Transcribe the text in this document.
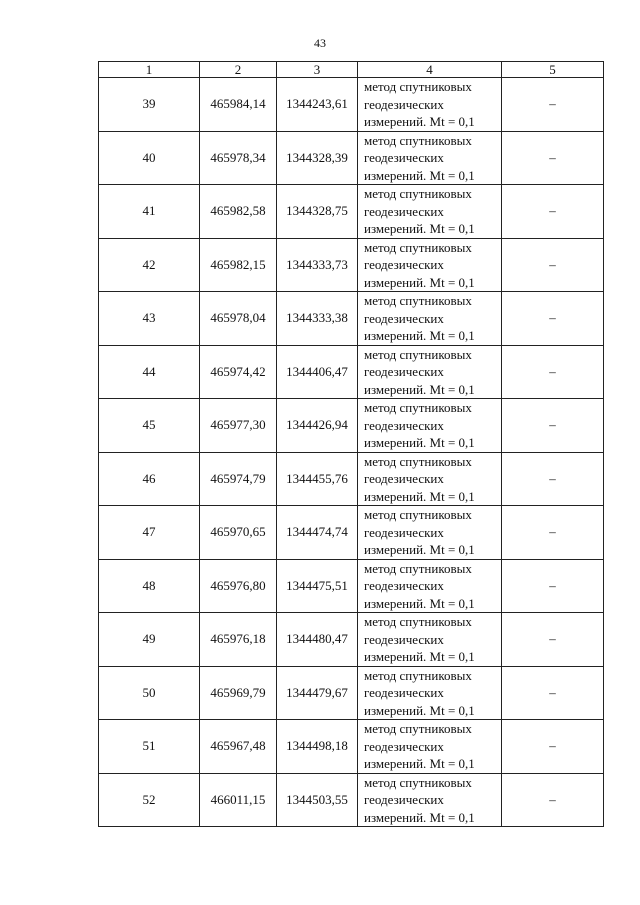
43
1	2	3	4	5
39	465984,14	1344243,61	метод спутниковых
геодезических
измерений. Mt = 0,1	–
40	465978,34	1344328,39	метод спутниковых
геодезических
измерений. Mt = 0,1	–
41	465982,58	1344328,75	метод спутниковых
геодезических
измерений. Mt = 0,1	–
42	465982,15	1344333,73	метод спутниковых
геодезических
измерений. Mt = 0,1	–
43	465978,04	1344333,38	метод спутниковых
геодезических
измерений. Mt = 0,1	–
44	465974,42	1344406,47	метод спутниковых
геодезических
измерений. Mt = 0,1	–
45	465977,30	1344426,94	метод спутниковых
геодезических
измерений. Mt = 0,1	–
46	465974,79	1344455,76	метод спутниковых
геодезических
измерений. Mt = 0,1	–
47	465970,65	1344474,74	метод спутниковых
геодезических
измерений. Mt = 0,1	–
48	465976,80	1344475,51	метод спутниковых
геодезических
измерений. Mt = 0,1	–
49	465976,18	1344480,47	метод спутниковых
геодезических
измерений. Mt = 0,1	–
50	465969,79	1344479,67	метод спутниковых
геодезических
измерений. Mt = 0,1	–
51	465967,48	1344498,18	метод спутниковых
геодезических
измерений. Mt = 0,1	–
52	466011,15	1344503,55	метод спутниковых
геодезических
измерений. Mt = 0,1	–
